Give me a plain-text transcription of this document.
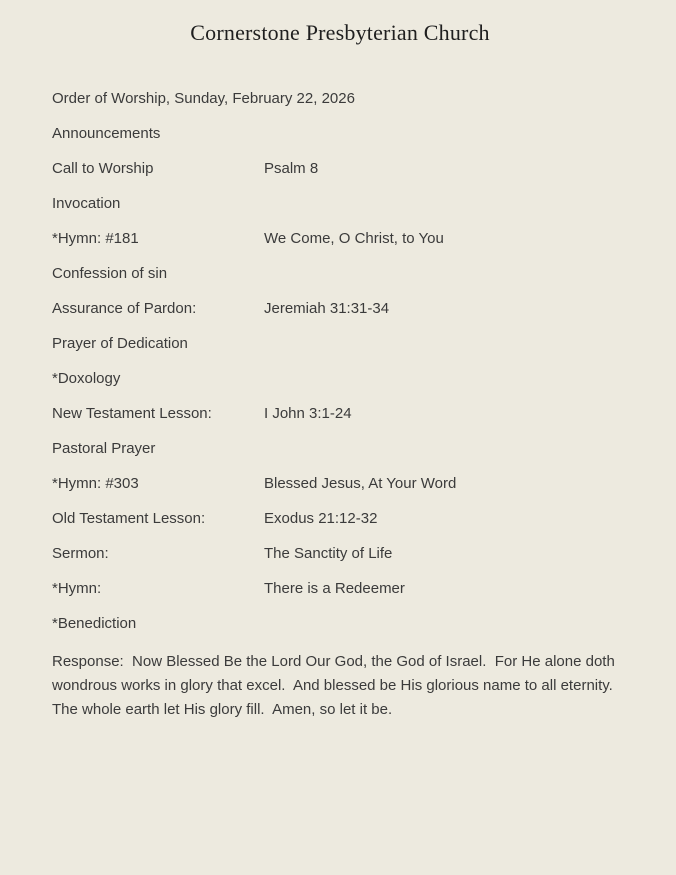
Cornerstone Presbyterian Church
Order of Worship, Sunday, February 22, 2026
Announcements
Call to Worship	Psalm 8
Invocation
*Hymn: #181	We Come, O Christ, to You
Confession of sin
Assurance of Pardon:	Jeremiah 31:31-34
Prayer of Dedication
*Doxology
New Testament Lesson:	I John 3:1-24
Pastoral Prayer
*Hymn: #303	Blessed Jesus, At Your Word
Old Testament Lesson:	Exodus 21:12-32
Sermon:	The Sanctity of Life
*Hymn:	There is a Redeemer
*Benediction
Response:  Now Blessed Be the Lord Our God, the God of Israel.  For He alone doth wondrous works in glory that excel.  And blessed be His glorious name to all eternity.  The whole earth let His glory fill.  Amen, so let it be.
